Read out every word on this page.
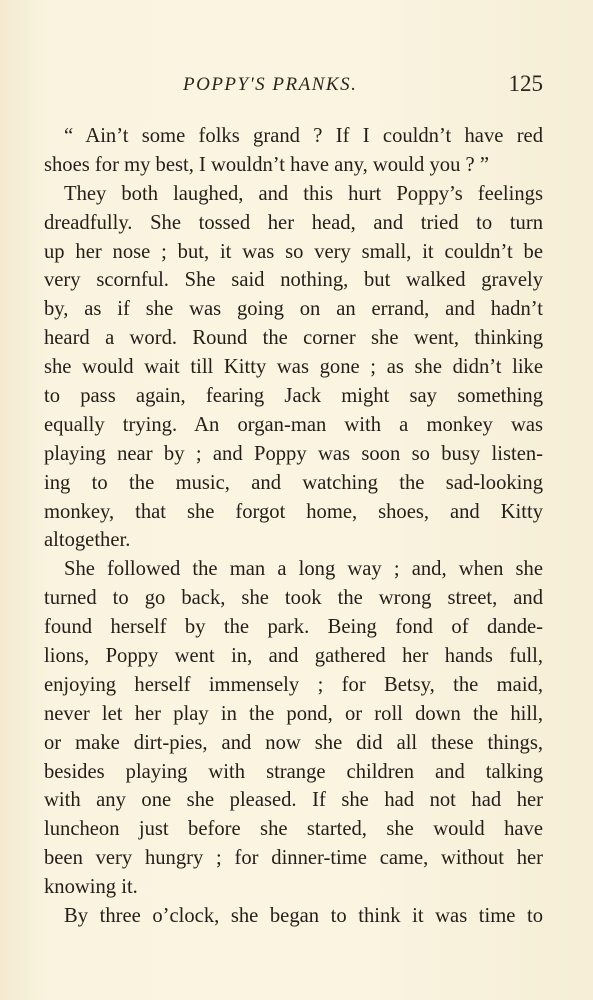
POPPY'S PRANKS.	125
“ Ain’t some folks grand ? If I couldn’t have red
shoes for my best, I wouldn’t have any, would you ? ”
They both laughed, and this hurt Poppy’s feelings
dreadfully. She tossed her head, and tried to turn
up her nose ; but, it was so very small, it couldn’t be
very scornful. She said nothing, but walked gravely
by, as if she was going on an errand, and hadn’t
heard a word. Round the corner she went, thinking
she would wait till Kitty was gone ; as she didn’t like
to pass again, fearing Jack might say something
equally trying. An organ-man with a monkey was
playing near by ; and Poppy was soon so busy listen-
ing to the music, and watching the sad-looking
monkey, that she forgot home, shoes, and Kitty
altogether.
She followed the man a long way ; and, when she
turned to go back, she took the wrong street, and
found herself by the park. Being fond of dande-
lions, Poppy went in, and gathered her hands full,
enjoying herself immensely ; for Betsy, the maid,
never let her play in the pond, or roll down the hill,
or make dirt-pies, and now she did all these things,
besides playing with strange children and talking
with any one she pleased. If she had not had her
luncheon just before she started, she would have
been very hungry ; for dinner-time came, without her
knowing it.
By three o’clock, she began to think it was time to
